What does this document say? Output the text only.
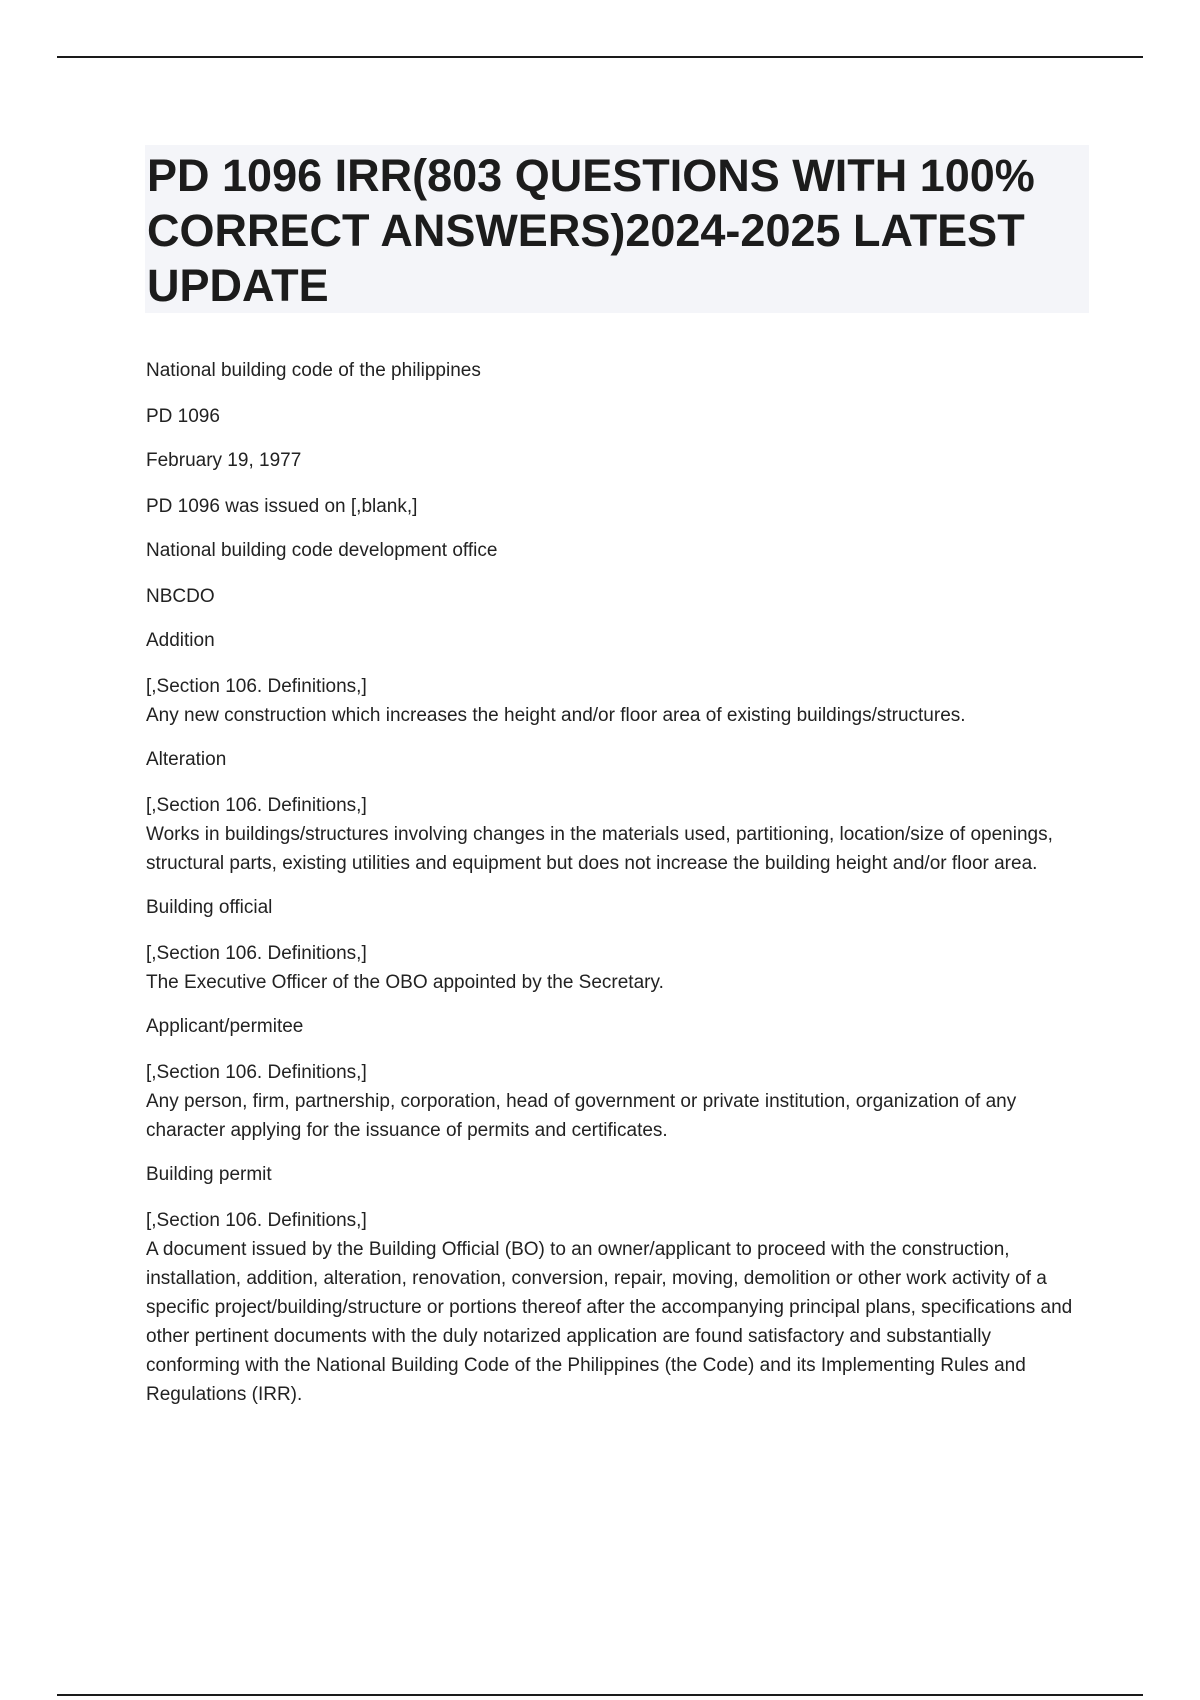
PD 1096 IRR(803 QUESTIONS WITH 100% CORRECT ANSWERS)2024-2025 LATEST UPDATE

National building code of the philippines

PD 1096

February 19, 1977

PD 1096 was issued on [,blank,]

National building code development office

NBCDO

Addition

[,Section 106. Definitions,]
Any new construction which increases the height and/or floor area of existing buildings/structures.

Alteration

[,Section 106. Definitions,]
Works in buildings/structures involving changes in the materials used, partitioning, location/size of openings, structural parts, existing utilities and equipment but does not increase the building height and/or floor area.

Building official

[,Section 106. Definitions,]
The Executive Officer of the OBO appointed by the Secretary.

Applicant/permitee

[,Section 106. Definitions,]
Any person, firm, partnership, corporation, head of government or private institution, organization of any character applying for the issuance of permits and certificates.

Building permit

[,Section 106. Definitions,]
A document issued by the Building Official (BO) to an owner/applicant to proceed with the construction, installation, addition, alteration, renovation, conversion, repair, moving, demolition or other work activity of a specific project/building/structure or portions thereof after the accompanying principal plans, specifications and other pertinent documents with the duly notarized application are found satisfactory and substantially conforming with the National Building Code of the Philippines (the Code) and its Implementing Rules and Regulations (IRR).
